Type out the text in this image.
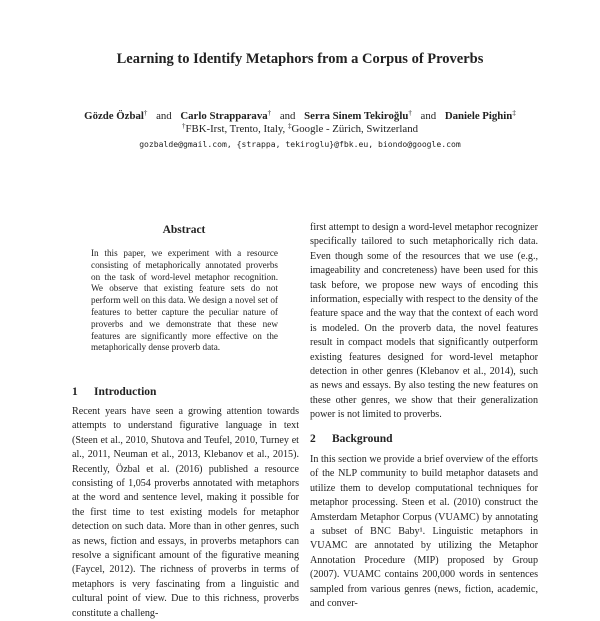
Learning to Identify Metaphors from a Corpus of Proverbs
Gözde Özbal† and Carlo Strapparava† and Serra Sinem Tekiroğlu† and Daniele Pighin‡
†FBK-Irst, Trento, Italy, ‡Google - Zürich, Switzerland
gozbalde@gmail.com, {strappa, tekiroglu}@fbk.eu, biondo@google.com
Abstract
In this paper, we experiment with a resource consisting of metaphorically annotated proverbs on the task of word-level metaphor recognition. We observe that existing feature sets do not perform well on this data. We design a novel set of features to better capture the peculiar nature of proverbs and we demonstrate that these new features are significantly more effective on the metaphorically dense proverb data.
1 Introduction
Recent years have seen a growing attention towards attempts to understand figurative language in text (Steen et al., 2010, Shutova and Teufel, 2010, Turney et al., 2011, Neuman et al., 2013, Klebanov et al., 2015). Recently, Özbal et al. (2016) published a resource consisting of 1,054 proverbs annotated with metaphors at the word and sentence level, making it possible for the first time to test existing models for metaphor detection on such data. More than in other genres, such as news, fiction and essays, in proverbs metaphors can resolve a significant amount of the figurative meaning (Faycel, 2012). The richness of proverbs in terms of metaphors is very fascinating from a linguistic and cultural point of view. Due to this richness, proverbs constitute a challeng-
first attempt to design a word-level metaphor recognizer specifically tailored to such metaphorically rich data. Even though some of the resources that we use (e.g., imageability and concreteness) have been used for this task before, we propose new ways of encoding this information, especially with respect to the density of the feature space and the way that the context of each word is modeled. On the proverb data, the novel features result in compact models that significantly outperform existing features designed for word-level metaphor detection in other genres (Klebanov et al., 2014), such as news and essays. By also testing the new features on these other genres, we show that their generalization power is not limited to proverbs.
2 Background
In this section we provide a brief overview of the efforts of the NLP community to build metaphor datasets and utilize them to develop computational techniques for metaphor processing. Steen et al. (2010) construct the Amsterdam Metaphor Corpus (VUAMC) by annotating a subset of BNC Baby¹. Linguistic metaphors in VUAMC are annotated by utilizing the Metaphor Annotation Procedure (MIP) proposed by Group (2007). VUAMC contains 200,000 words in sentences sampled from various genres (news, fiction, academic, and conver-
